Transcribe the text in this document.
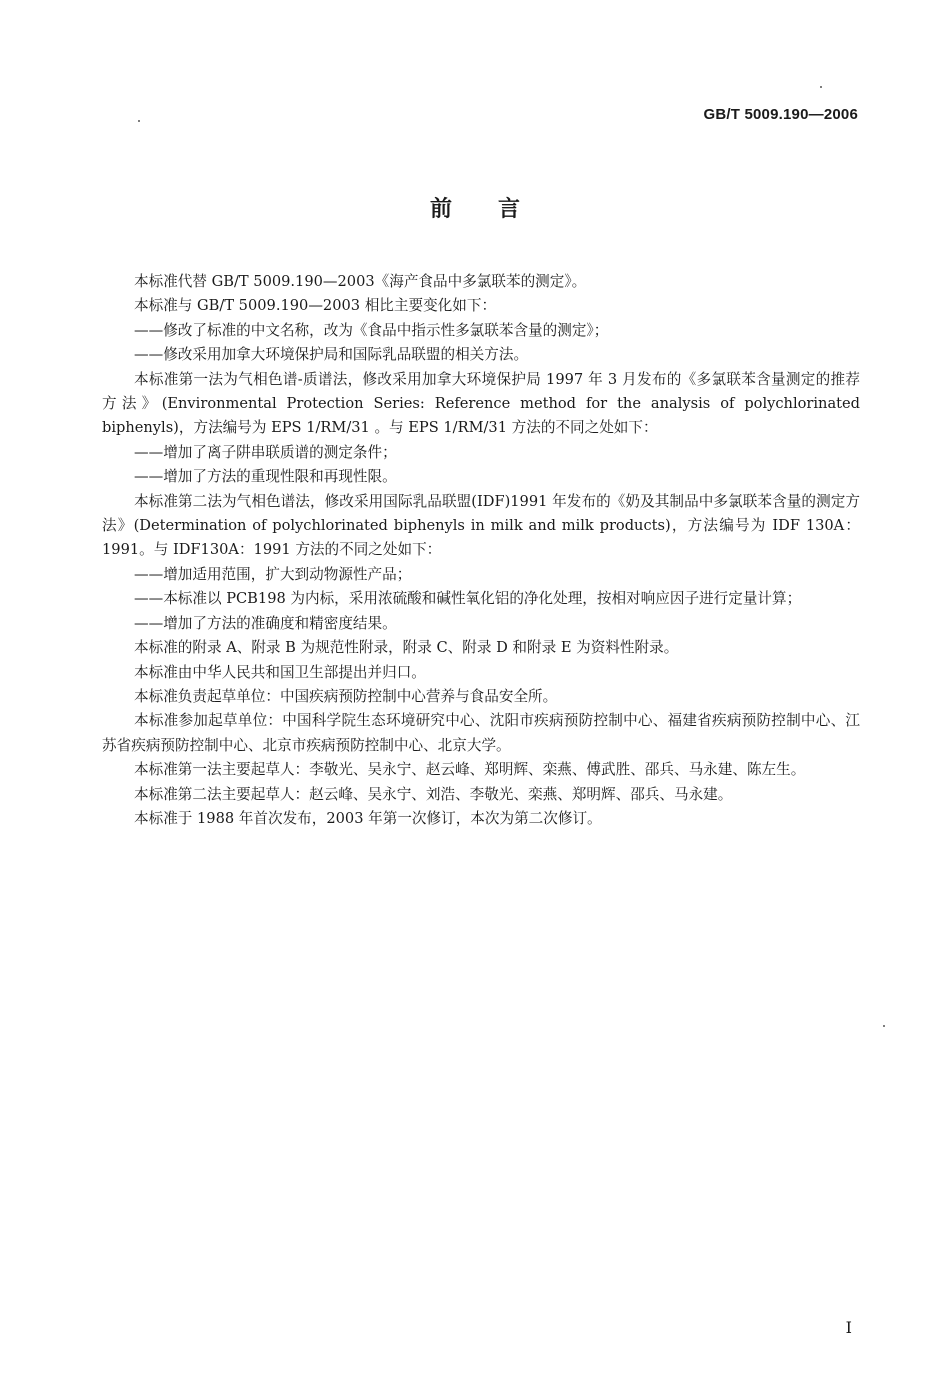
GB/T 5009.190—2006
前言

本标准代替 GB/T 5009.190—2003《海产食品中多氯联苯的测定》。

本标准与 GB/T 5009.190—2003 相比主要变化如下：

——修改了标准的中文名称，改为《食品中指示性多氯联苯含量的测定》；

——修改采用加拿大环境保护局和国际乳品联盟的相关方法。

本标准第一法为气相色谱-质谱法，修改采用加拿大环境保护局 1997 年 3 月发布的《多氯联苯含量测定的推荐方法》(Environmental Protection Series: Reference method for the analysis of polychlorinated biphenyls)，方法编号为 EPS 1/RM/31 。与 EPS 1/RM/31 方法的不同之处如下：

——增加了离子阱串联质谱的测定条件；

——增加了方法的重现性限和再现性限。

本标准第二法为气相色谱法，修改采用国际乳品联盟(IDF)1991 年发布的《奶及其制品中多氯联苯含量的测定方法》(Determination of polychlorinated biphenyls in milk and milk products)，方法编号为 IDF 130A：1991。与 IDF130A：1991 方法的不同之处如下：

——增加适用范围，扩大到动物源性产品；

——本标准以 PCB198 为内标，采用浓硫酸和碱性氧化铝的净化处理，按相对响应因子进行定量计算；

——增加了方法的准确度和精密度结果。

本标准的附录 A、附录 B 为规范性附录，附录 C、附录 D 和附录 E 为资料性附录。

本标准由中华人民共和国卫生部提出并归口。

本标准负责起草单位：中国疾病预防控制中心营养与食品安全所。

本标准参加起草单位：中国科学院生态环境研究中心、沈阳市疾病预防控制中心、福建省疾病预防控制中心、江苏省疾病预防控制中心、北京市疾病预防控制中心、北京大学。

本标准第一法主要起草人：李敬光、吴永宁、赵云峰、郑明辉、栾燕、傅武胜、邵兵、马永建、陈左生。

本标准第二法主要起草人：赵云峰、吴永宁、刘浩、李敬光、栾燕、郑明辉、邵兵、马永建。

本标准于 1988 年首次发布，2003 年第一次修订，本次为第二次修订。

I
